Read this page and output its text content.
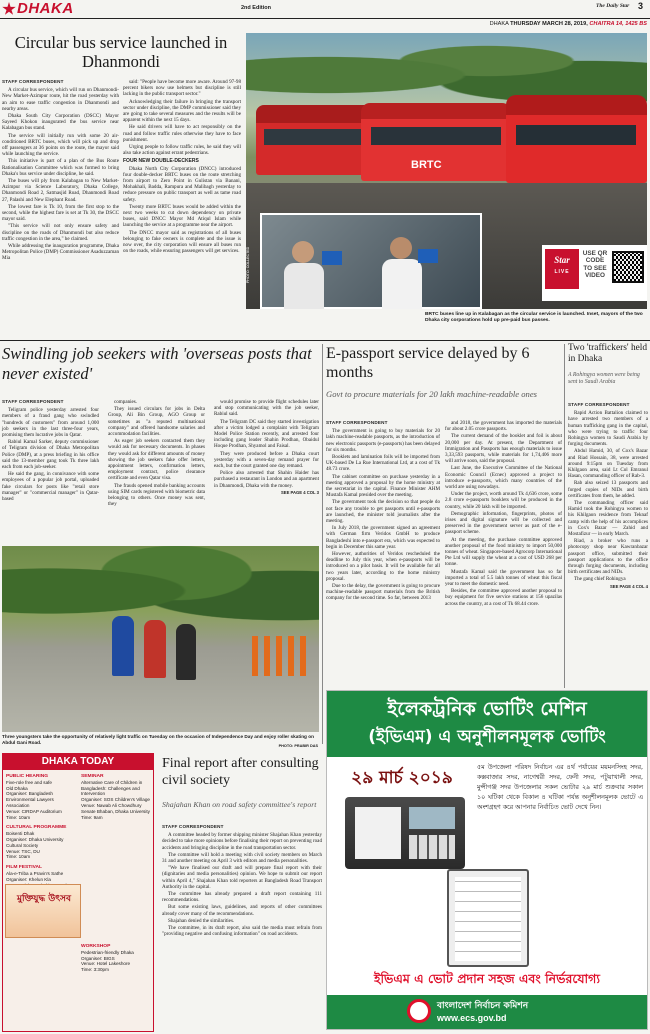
DHAKA	2nd Edition	The Daily Star 3
DHAKA THURSDAY MARCH 28, 2019, CHAITRA 14, 1425 BS
Circular bus service launched in Dhanmondi
STAFF CORRESPONDENT

A circular bus service, which will run on Dhanmondi-New Market-Azimpur route, hit the road yesterday with an aim to ease traffic congestion in Dhanmondi and nearby areas.

Dhaka South City Corporation (DSCC) Mayor Sayeed Khokon inaugurated the bus service near Kalabagan bus stand.

The service will initially run with some 20 air-conditioned BRTC buses, which will pick up and drop off passengers at 36 points on the route, the mayor said while launching the service.

This initiative is part of a plan of the Bus Route Rationalisation Committee which was formed to bring Dhaka's bus service under discipline, he said.

The buses will ply from Kalabagan to New Market-Azimpur via Science Laboratory, Dhaka College, Dhanmondi Road 2, Satmasjid Road, Dhanmondi Road 27, Palashi and New Elephant Road.

The lowest fare is Tk 10, from the first stop to the second, while the highest fare is set at Tk 30, the DSCC mayor said.

"This service will not only ensure safety and discipline on the roads of Dhanmondi but also reduce traffic congestion in the area," he claimed.

While addressing the inauguration programme, Dhaka Metropolitan Police (DMP) Commissioner Asaduzzaman Mia

said: "People have become more aware. Around 97-98 percent bikers now use helmets but discipline is still lacking in the public transport sector."

Acknowledging their failure in bringing the transport sector under discipline, the DMP commissioner said they are going to take several measures and the results will be apparent within the next 15 days.

He said drivers will have to act responsibly on the road and follow traffic rules otherwise they have to face punishment.

Urging people to follow traffic rules, he said they will also take action against errant pedestrians.

FOUR NEW DOUBLE-DECKERS

Dhaka North City Corporation (DNCC) introduced four double-decker BRTC buses on the route stretching from airport to Zero Point in Gulistan via Banani, Mohakhali, Badda, Rampura and Malibagh yesterday to reduce pressure on public transport as well as tame road safety.

Twenty more BRTC buses would be added within the next two weeks to cut down dependency on private buses, said DNCC Mayor Md Atiqul Islam while launching the service at a programme near the airport.

The DNCC mayor said as registrations of all buses belonging to fake owners is complete and the issue is now over, the city corporation will ensure all buses run on the roads, while ensuring passengers will get services.

BRTC
PHOTO: COLLECTED	Star
LIVE
USE QR CODE TO SEE VIDEO
BRTC buses line up in Kalabagan as the circular service is launched. Inset, mayors of the two Dhaka city corporations hold up pre-paid bus passes.
Swindling job seekers with 'overseas posts that never existed'
STAFF CORRESPONDENT

Teligram police yesterday arrested four members of a fraud gang who swindled "hundreds of customers" from around 1,000 job seekers in the last three-four years, promising them lucrative jobs in Qatar.

Rabiul Kamal Sarker, deputy commissioner of Teligram division of Dhaka Metropolitan Police (DMP), at a press briefing in his office said the 13-member gang took Tk three lakh each from each job-seeker.

He said the gang, in connivance with some employees of a popular job portal, uploaded fake circulars for posts like "retail store manager" or "commercial manager" in Qatar-based

companies.

They issued circulars for jobs in Delta Group, Ali Bin Group, AGO Group or sometimes as "a reputed multinational company" and offered handsome salaries and accommodation facilities.

As eager job seekers contacted them they would ask for necessary documents. In phases they would ask for different amounts of money showing the job seekers fake offer letters, appointment letters, confirmation letters, employment contract, police clearance certificate and even Qatar visa.

The frauds opened mobile banking accounts using SIM cards registered with biometric data belonging to others. Once money was sent, they

would promise to provide flight schedules later and stop communicating with the job seeker, Rabiul said.

The Teligram DC said they started investigation after a victim lodged a complaint with Teligram Model Police Station recently, and arrested four including gang leader Shahin Prodhan, Obaidul Hoque Prodhan, Shyamol and Faisal.

They were produced before a Dhaka court yesterday with a seven-day remand prayer for each, but the court granted one day remand.

Police also arrested that Shahin Haider has purchased a restaurant in London and an apartment in Dhanmondi, Dhaka with the money.

SEE PAGE 4 COL 3
Three youngsters take the opportunity of relatively light traffic on Tuesday on the occasion of Independence Day and enjoy roller skating on Abdul Gani Road.
PHOTO: PRABIR DAS
E-passport service delayed by 6 months
Govt to procure materials for 20 lakh machine-readable ones
STAFF CORRESPONDENT

The government is going to buy materials for 20 lakh machine-readable passports, as the introduction of new electronic passports (e-passports) has been delayed for six months.

Booklets and lamination foils will be imported from UK-based De La Rue International Ltd, at a cost of Tk 48.73 crore.

The cabinet committee on purchase yesterday in a meeting approved a proposal by the home ministry at the secretariat in the capital. Finance Minister AHM Mustafa Kamal presided over the meeting.

The government took the decision so that people do not face any trouble to get passports until e-passports are launched, the minister told journalists after the meeting.

In July 2018, the government signed an agreement with German firm Veridos GmbH to produce Bangladeshi into e-passport era, which was expected to begin in December this same year.

However, authorities of Veridos rescheduled the deadline to July this year, when e-passports will be introduced on a pilot basis. It will be available for all two years later, according to the home ministry proposal.

Due to the delay, the government is going to procure machine-readable passport materials from the British company for the second time. So far, between 2013

and 2018, the government has imported the materials for about 2.05 crore passports.

The current demand of the booklet and foil is about 20,000 per day. At present, the Department of Immigration and Passports has enough materials to issue 3,33,593 passports, while materials for 1,74,406 more will arrive soon, said the proposal.

Last June, the Executive Committee of the National Economic Council (Ecnec) approved a project to introduce e-passports, which many countries of the world are using nowadays.

Under the project, worth around Tk 4,636 crore, some 2.8 crore e-passports booklets will be produced in the country, while 20 lakh will be imported.

Demographic information, fingerprints, photos of irises and digital signature will be collected and preserved in the government server as part of the e-passport scheme.

At the meeting, the purchase committee approved another proposal of the food ministry to import 50,000 tonnes of wheat. Singapore-based Agrocorp International Pte Ltd will supply the wheat at a cost of USD 268 per tonne.

Mustafa Kamal said the government has so far imported a total of 5.5 lakh tonnes of wheat this fiscal year to meet the domestic need.

Besides, the committee approved another proposal to buy equipment for five service stations at 156 upazilas across the country, at a cost of Tk 68.44 crore.

Two 'traffickers' held in Dhaka
A Rohingya women were being sent to Saudi Arabia
STAFF CORRESPONDENT

Rapid Action Battalion claimed to have arrested two members of a human trafficking gang in the capital, who were trying to traffic four Rohingya women to Saudi Arabia by forging documents.

Abdul Hamid, 30, of Cox's Bazar and Riad Hossain, 38, were arrested around 9:15pm on Tuesday from Khilgaon area, said Lt Col Emranul Hasan, commanding officer of Rab-3.

Rab also seized 13 passports and forged copies of NIDs and birth certificates from them, he added.

The commanding officer said Hamid took the Rohingya women to his Khilgaon residence from Teknaf camp with the help of his accomplices in Cox's Bazar — Zahid and Mostafizur — in early March.

Riad, a broker who runs a photocopy shop near Kawranbazar passport office, submitted their passport applications to the office through forging documents, including birth certificates and NIDs.

The gang chief Rohingya

SEE PAGE 4 COL 4
ইলেকট্রনিক ভোটিং মেশিন
(ইভিএম) এ অনুশীলনমূলক ভোটিং
২৯ মার্চ ২০১৯
৫ম উপজেলা পরিষদ নির্বাচন এর ৪র্থ পর্যায়ের ময়মনসিংহ সদর, কক্সবাজার সদর, নাগেশ্বরী সদর, ফেনী সদর, পটুয়াখালী সদর, মুন্সীগঞ্জ সদর উপজেলার সকল ভোটার ২৯ মার্চ শুক্রবার সকাল ১০ ঘটিকা থেকে বিকাল ৪ ঘটিকা পর্যন্ত অনুশীলনমূলক ভোটে এ অংশগ্রহণ করে আপনার নির্বাচিত ভোট দেখে নিন।
ইভিএম এ ভোট প্রদান সহজ এবং নির্ভরযোগ্য
বাংলাদেশ নির্বাচন কমিশন
www.ecs.gov.bd
DHAKA TODAY
PUBLIC HEARING
Five-role free and safe
Old Dhaka
Organiser: Bangladesh Environmental Lawyers Association
Venue: CIRDAP Auditorium
Time: 10am
CULTURAL PROGRAMME
Boisenti Dhak
Organiser: Dhaka University Cultural Society
Venue: TSC, DU
Time: 10am
FILM FESTIVAL
Ala-e-Triba a Pravin's Sathe
Organiser: Khelun Kla
SEMINAR
Alternative Care of Children in Bangladesh: Challenges and Intervention
Organiser: SOS Children's Village
Venue: Nawab Ali Chowdhury Senate Bhaban, Dhaka University
Time: 9am
মুক্তিযুদ্ধ উৎসব
WORKSHOP
Pedestrian-friendly Dhaka
Organiser: BIGS
Venue: Hotel Lakeshore
Time: 3:30pm
Final report after consulting civil society
Shajahan Khan on road safety committee's report
STAFF CORRESPONDENT

A committee headed by former shipping minister Shajahan Khan yesterday decided to take more opinions before finalising their report on preventing road accidents and bringing discipline in the road transportation sector.

The committee will hold a meeting with civil society members on March 31 and another meeting on April 3 with editors and media personalities.

"We have finalised our draft and will prepare final report with their (dignitaries and media personalities) opinion. We hope to submit our report within April 4," Shajahan Khan told reporters at Bangladesh Road Transport Authority in the capital.

The committee has already prepared a draft report containing 111 recommendations.

But some existing laws, guidelines, and reports of other committees already cover many of the recommendations.

Shajahan denied the similarities.

The committee, in its draft report, also said the media must refrain from "providing negative and confusing information" on road accidents.
